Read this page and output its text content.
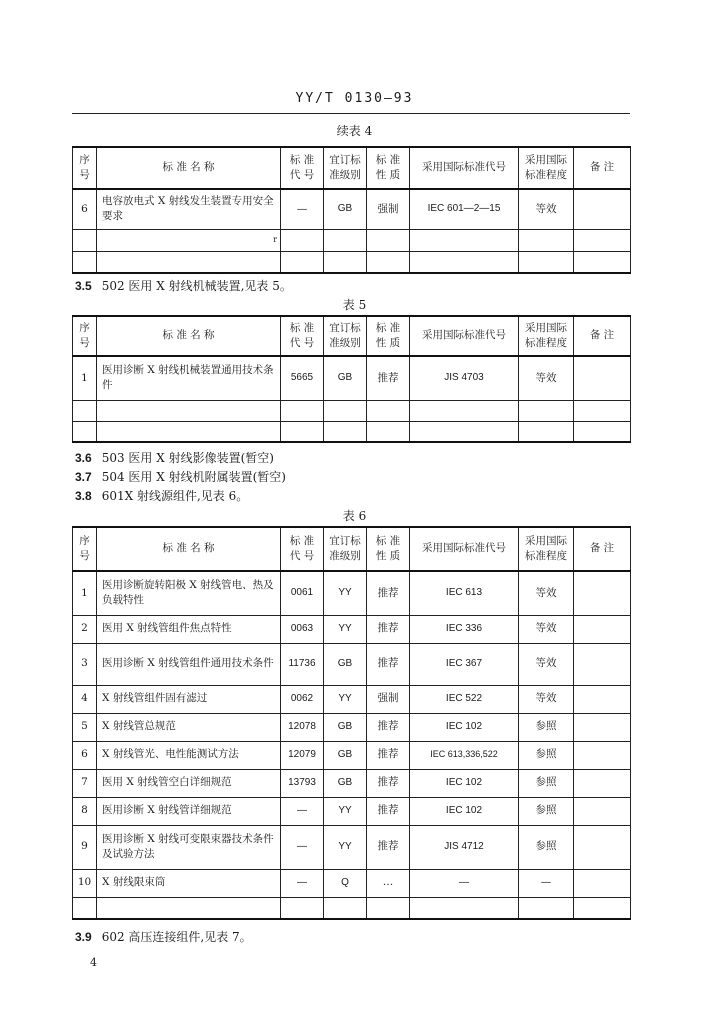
YY/T 0130—93
续表 4
序号	标 准 名 称	标 准 代 号	宜订标准级别	标 准 性 质	采用国际标准代号	采用国际标准程度	备 注
6	电容放电式 X 射线发生装置专用安全要求	—	GB	强制	IEC 601—2—15	等效	
	r						

3.5 502 医用 X 射线机械装置,见表 5。
表 5
序号	标 准 名 称	标 准 代 号	宜订标准级别	标 准 性 质	采用国际标准代号	采用国际标准程度	备 注
1	医用诊断 X 射线机械装置通用技术条件	5665	GB	推荐	JIS 4703	等效	

3.6 503 医用 X 射线影像装置(暂空)
3.7 504 医用 X 射线机附属装置(暂空)
3.8 601X 射线源组件,见表 6。
表 6
序号	标 准 名 称	标 准 代 号	宜订标准级别	标 准 性 质	采用国际标准代号	采用国际标准程度	备 注
1	医用诊断旋转阳极 X 射线管电、热及负载特性	0061	YY	推荐	IEC 613	等效	
2	医用 X 射线管组件焦点特性	0063	YY	推荐	IEC 336	等效	
3	医用诊断 X 射线管组件通用技术条件	11736	GB	推荐	IEC 367	等效	
4	X 射线管组件固有滤过	0062	YY	强制	IEC 522	等效	
5	X 射线管总规范	12078	GB	推荐	IEC 102	参照	
6	X 射线管光、电性能测试方法	12079	GB	推荐	IEC 613,336,522	参照	
7	医用 X 射线管空白详细规范	13793	GB	推荐	IEC 102	参照	
8	医用诊断 X 射线管详细规范	—	YY	推荐	IEC 102	参照	
9	医用诊断 X 射线可变限束器技术条件及试验方法	—	YY	推荐	JIS 4712	参照	
10	X 射线限束筒	—	Q	…	—	—	

3.9 602 高压连接组件,见表 7。
4
